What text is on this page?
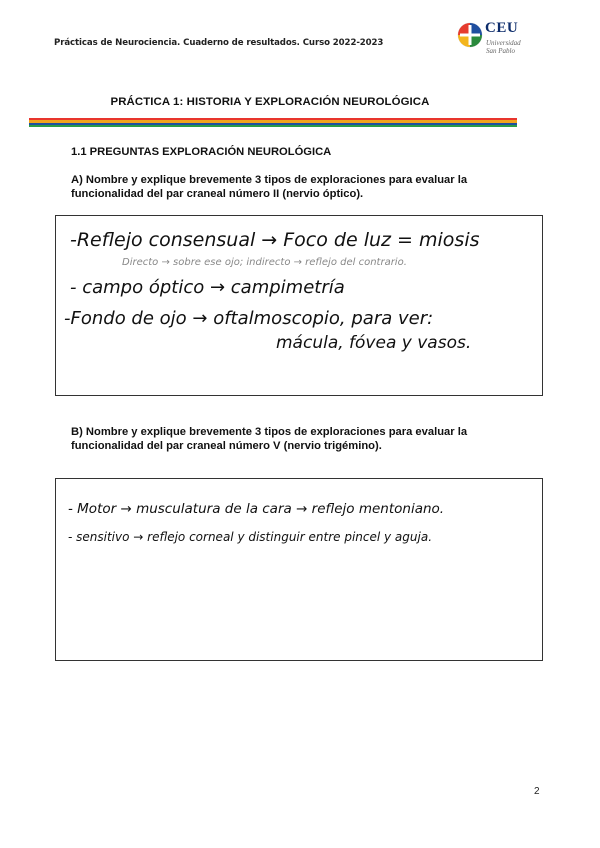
Prácticas de Neurociencia. Cuaderno de resultados. Curso 2022-2023
CEU
Universidad
San Pablo
PRÁCTICA 1: HISTORIA Y EXPLORACIÓN NEUROLÓGICA
1.1 PREGUNTAS EXPLORACIÓN NEUROLÓGICA
A) Nombre y explique brevemente 3 tipos de exploraciones para evaluar la
funcionalidad del par craneal número II (nervio óptico).
-Reflejo consensual → Foco de luz = miosis
Directo → sobre ese ojo; indirecto → reflejo del contrario.
- campo óptico → campimetría
-Fondo de ojo → oftalmoscopio, para ver:
mácula, fóvea y vasos.
B) Nombre y explique brevemente 3 tipos de exploraciones para evaluar la
funcionalidad del par craneal número V (nervio trigémino).
- Motor → musculatura de la cara → reflejo mentoniano.
- sensitivo → reflejo corneal y distinguir entre pincel y aguja.
2
